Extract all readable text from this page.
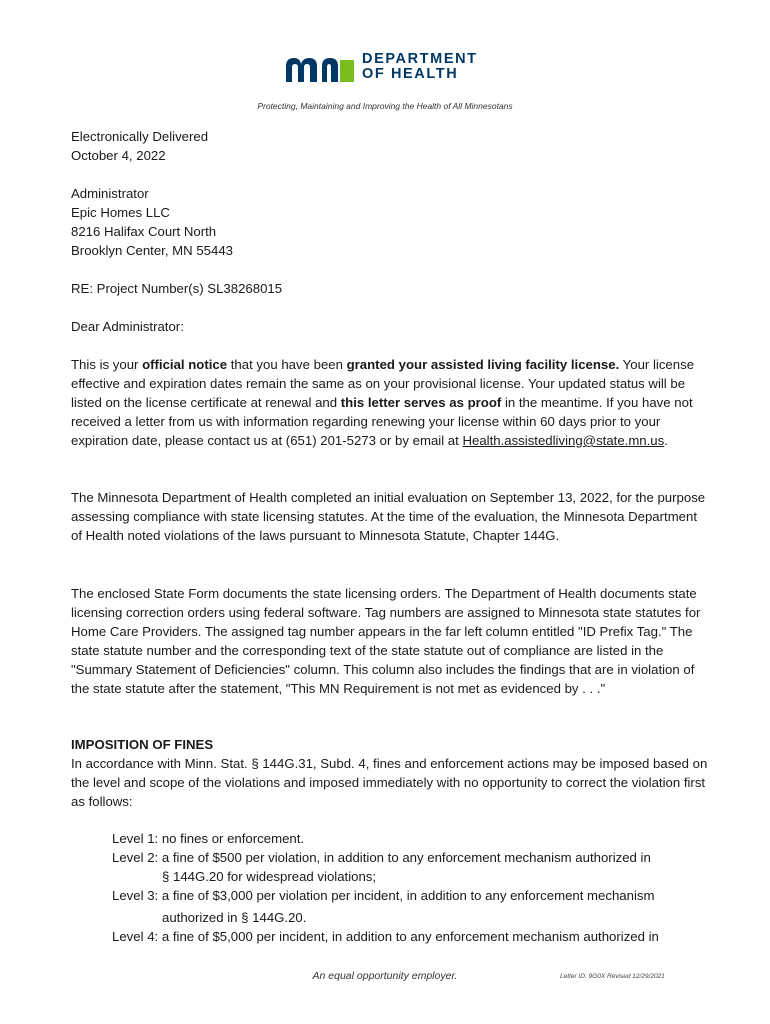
DEPARTMENT
OF HEALTH
Protecting, Maintaining and Improving the Health of All Minnesotans

Electronically Delivered

October 4, 2022

Administrator

Epic Homes LLC

8216 Halifax Court North

Brooklyn Center, MN 55443

RE: Project Number(s) SL38268015
Dear Administrator:
This is your official notice that you have been granted your assisted living facility license. Your license effective and expiration dates remain the same as on your provisional license. Your updated status will be listed on the license certificate at renewal and this letter serves as proof in the meantime. If you have not received a letter from us with information regarding renewing your license within 60 days prior to your expiration date, please contact us at (651) 201-5273 or by email at Health.assistedliving@state.mn.us.
The Minnesota Department of Health completed an initial evaluation on September 13, 2022, for the purpose assessing compliance with state licensing statutes. At the time of the evaluation, the Minnesota Department of Health noted violations of the laws pursuant to Minnesota Statute, Chapter 144G.
The enclosed State Form documents the state licensing orders. The Department of Health documents state licensing correction orders using federal software. Tag numbers are assigned to Minnesota state statutes for Home Care Providers. The assigned tag number appears in the far left column entitled "ID Prefix Tag." The state statute number and the corresponding text of the state statute out of compliance are listed in the "Summary Statement of Deficiencies" column. This column also includes the findings that are in violation of the state statute after the statement, "This MN Requirement is not met as evidenced by . . ."
IMPOSITION OF FINES
In accordance with Minn. Stat. § 144G.31, Subd. 4, fines and enforcement actions may be imposed based on the level and scope of the violations and imposed immediately with no opportunity to correct the violation first as follows:

Level 1: no fines or enforcement.

Level 2: a fine of $500 per violation, in addition to any enforcement mechanism authorized in

§ 144G.20 for widespread violations;

Level 3: a fine of $3,000 per violation per incident, in addition to any enforcement mechanism

authorized in § 144G.20.

Level 4: a fine of $5,000 per incident, in addition to any enforcement mechanism authorized in

An equal opportunity employer.	Letter ID: 9G0X Revised 12/29/2021
